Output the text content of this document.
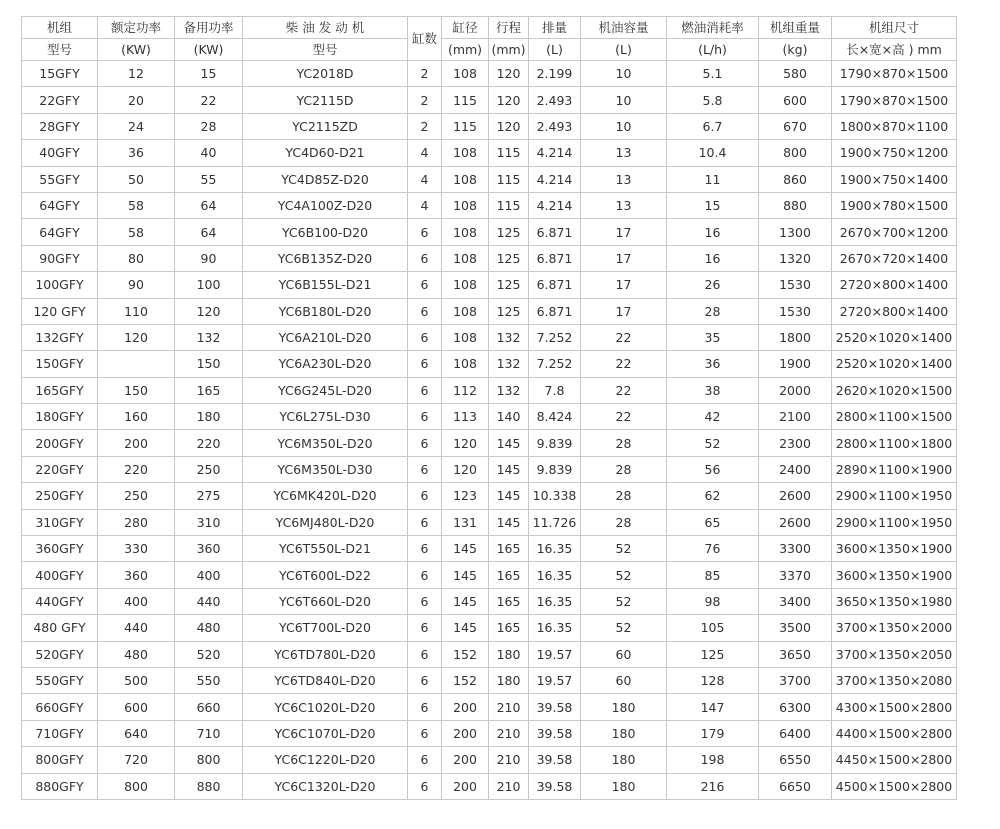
机组	额定功率	备用功率	柴 油 发 动 机	缸数	缸径	行程	排量	机油容量	燃油消耗率	机组重量	机组尺寸
型号	(KW)	(KW)	型号		(mm)	(mm)	(L)	(L)	(L/h)	(kg)	长×宽×高 ) mm
15GFY	12	15	YC2018D	2	108	120	2.199	10	5.1	580	1790×870×1500
22GFY	20	22	YC2115D	2	115	120	2.493	10	5.8	600	1790×870×1500
28GFY	24	28	YC2115ZD	2	115	120	2.493	10	6.7	670	1800×870×1100
40GFY	36	40	YC4D60-D21	4	108	115	4.214	13	10.4	800	1900×750×1200
55GFY	50	55	YC4D85Z-D20	4	108	115	4.214	13	11	860	1900×750×1400
64GFY	58	64	YC4A100Z-D20	4	108	115	4.214	13	15	880	1900×780×1500
64GFY	58	64	YC6B100-D20	6	108	125	6.871	17	16	1300	2670×700×1200
90GFY	80	90	YC6B135Z-D20	6	108	125	6.871	17	16	1320	2670×720×1400
100GFY	90	100	YC6B155L-D21	6	108	125	6.871	17	26	1530	2720×800×1400
120 GFY	110	120	YC6B180L-D20	6	108	125	6.871	17	28	1530	2720×800×1400
132GFY	120	132	YC6A210L-D20	6	108	132	7.252	22	35	1800	2520×1020×1400
150GFY		150	YC6A230L-D20	6	108	132	7.252	22	36	1900	2520×1020×1400
165GFY	150	165	YC6G245L-D20	6	112	132	7.8	22	38	2000	2620×1020×1500
180GFY	160	180	YC6L275L-D30	6	113	140	8.424	22	42	2100	2800×1100×1500
200GFY	200	220	YC6M350L-D20	6	120	145	9.839	28	52	2300	2800×1100×1800
220GFY	220	250	YC6M350L-D30	6	120	145	9.839	28	56	2400	2890×1100×1900
250GFY	250	275	YC6MK420L-D20	6	123	145	10.338	28	62	2600	2900×1100×1950
310GFY	280	310	YC6MJ480L-D20	6	131	145	11.726	28	65	2600	2900×1100×1950
360GFY	330	360	YC6T550L-D21	6	145	165	16.35	52	76	3300	3600×1350×1900
400GFY	360	400	YC6T600L-D22	6	145	165	16.35	52	85	3370	3600×1350×1900
440GFY	400	440	YC6T660L-D20	6	145	165	16.35	52	98	3400	3650×1350×1980
480 GFY	440	480	YC6T700L-D20	6	145	165	16.35	52	105	3500	3700×1350×2000
520GFY	480	520	YC6TD780L-D20	6	152	180	19.57	60	125	3650	3700×1350×2050
550GFY	500	550	YC6TD840L-D20	6	152	180	19.57	60	128	3700	3700×1350×2080
660GFY	600	660	YC6C1020L-D20	6	200	210	39.58	180	147	6300	4300×1500×2800
710GFY	640	710	YC6C1070L-D20	6	200	210	39.58	180	179	6400	4400×1500×2800
800GFY	720	800	YC6C1220L-D20	6	200	210	39.58	180	198	6550	4450×1500×2800
880GFY	800	880	YC6C1320L-D20	6	200	210	39.58	180	216	6650	4500×1500×2800
